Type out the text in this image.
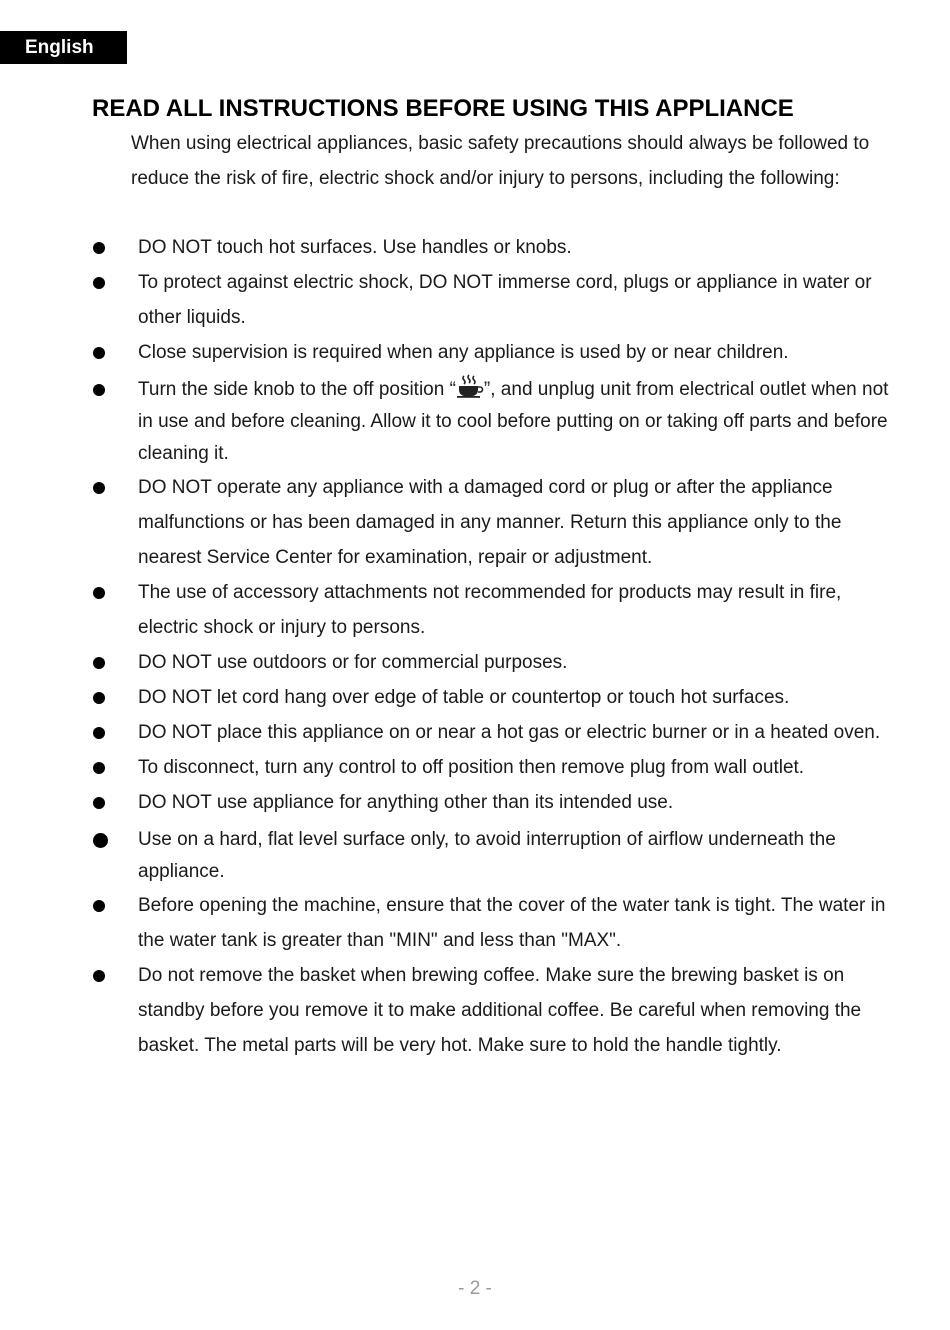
English
READ ALL INSTRUCTIONS BEFORE USING THIS APPLIANCE

When using electrical appliances, basic safety precautions should always be followed to reduce the risk of fire, electric shock and/or injury to persons, including the following:

DO NOT touch hot surfaces. Use handles or knobs.
To protect against electric shock, DO NOT immerse cord, plugs or appliance in water or other liquids.
Close supervision is required when any appliance is used by or near children.
Turn the side knob to the off position “ ”, and unplug unit from electrical outlet when not in use and before cleaning. Allow it to cool before putting on or taking off parts and before cleaning it.
DO NOT operate any appliance with a damaged cord or plug or after the appliance malfunctions or has been damaged in any manner. Return this appliance only to the nearest Service Center for examination, repair or adjustment.
The use of accessory attachments not recommended for products may result in fire, electric shock or injury to persons.
DO NOT use outdoors or for commercial purposes.
DO NOT let cord hang over edge of table or countertop or touch hot surfaces.
DO NOT place this appliance on or near a hot gas or electric burner or in a heated oven.
To disconnect, turn any control to off position then remove plug from wall outlet.
DO NOT use appliance for anything other than its intended use.
Use on a hard, flat level surface only, to avoid interruption of airflow underneath the appliance.
Before opening the machine, ensure that the cover of the water tank is tight. The water in the water tank is greater than "MIN" and less than "MAX".
Do not remove the basket when brewing coffee. Make sure the brewing basket is on standby before you remove it to make additional coffee. Be careful when removing the basket. The metal parts will be very hot. Make sure to hold the handle tightly.
- 2 -
